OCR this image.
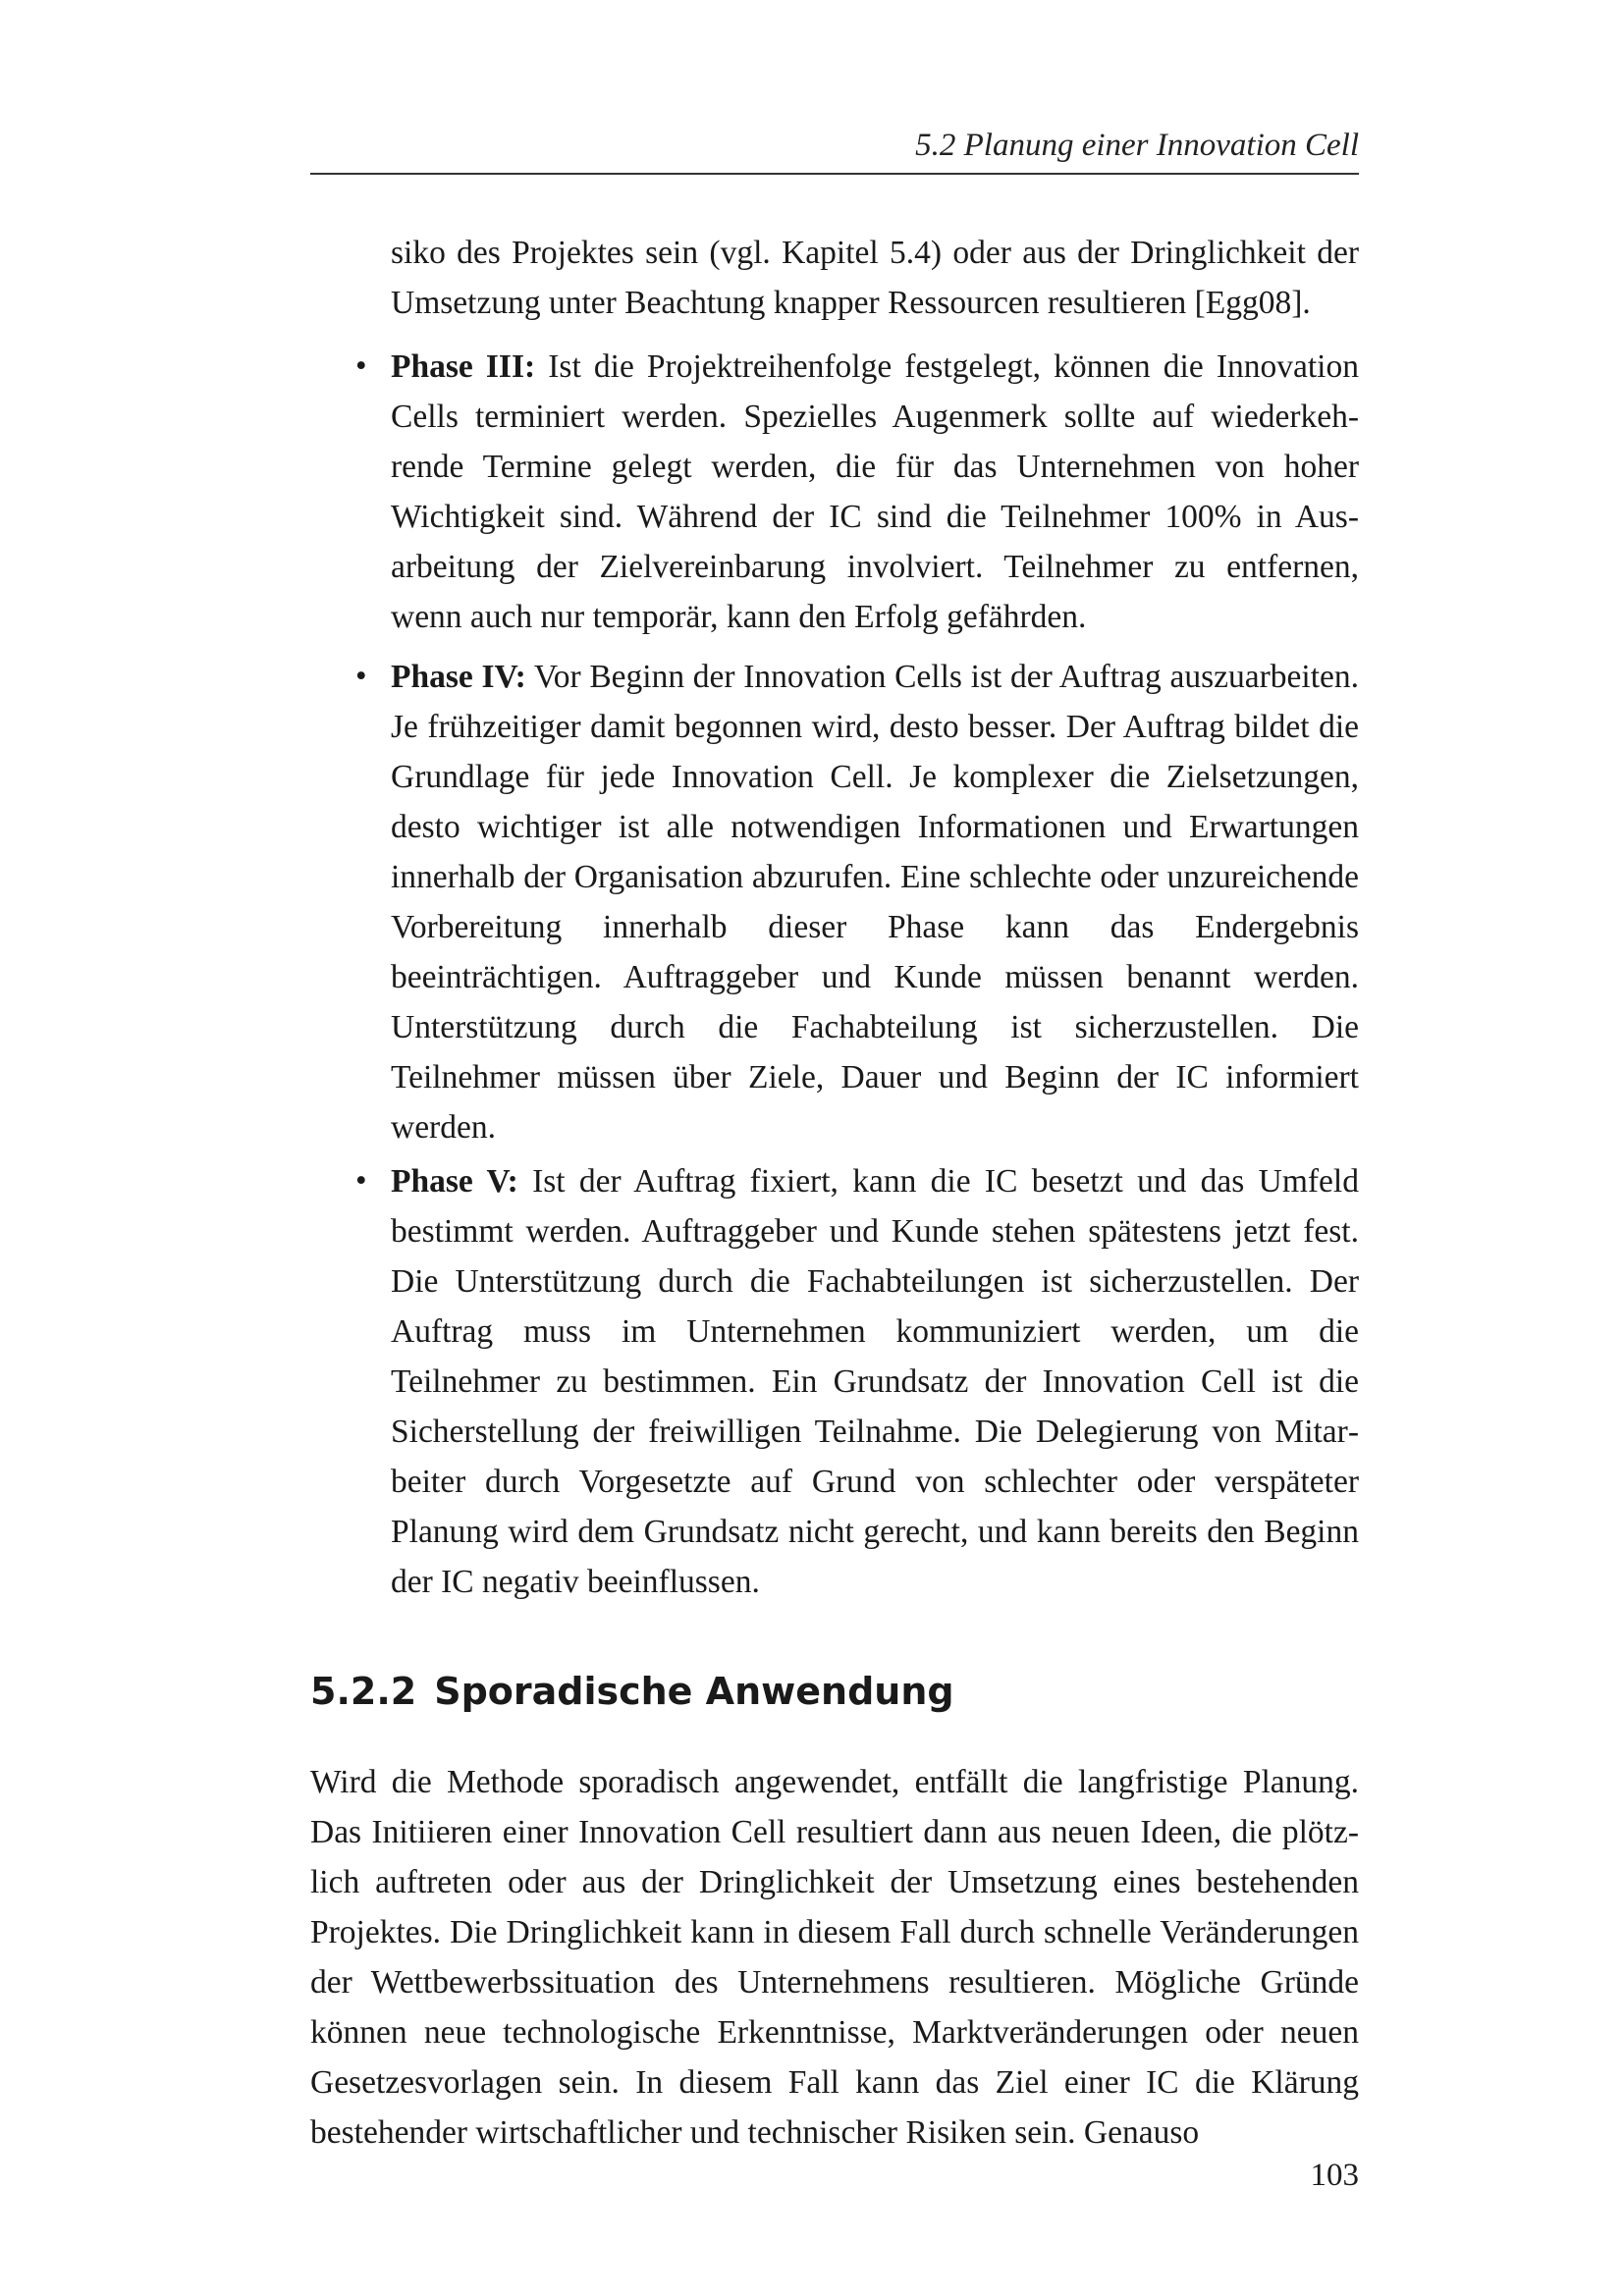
5.2 Planung einer Innovation Cell

siko des Projektes sein (vgl. Kapitel 5.4) oder aus der Dringlichkeit der Umsetzung unter Beachtung knapper Ressourcen resultieren [Egg08].

• Phase III: Ist die Projektreihenfolge festgelegt, können die Innovation Cells terminiert werden. Spezielles Augenmerk sollte auf wiederkehrende Termine gelegt werden, die für das Unternehmen von hoher Wichtigkeit sind. Während der IC sind die Teilnehmer 100% in Ausarbeitung der Zielvereinbarung involviert. Teilnehmer zu entfernen, wenn auch nur temporär, kann den Erfolg gefährden.

• Phase IV: Vor Beginn der Innovation Cells ist der Auftrag auszuarbeiten. Je frühzeitiger damit begonnen wird, desto besser. Der Auftrag bildet die Grundlage für jede Innovation Cell. Je komplexer die Zielsetzungen, desto wichtiger ist alle notwendigen Informationen und Erwartungen innerhalb der Organisation abzurufen. Eine schlechte oder unzureichende Vorbereitung innerhalb dieser Phase kann das Endergebnis beeinträchtigen. Auftraggeber und Kunde müssen benannt werden. Unterstützung durch die Fachabteilung ist sicherzustellen. Die Teilnehmer müssen über Ziele, Dauer und Beginn der IC informiert werden.

• Phase V: Ist der Auftrag fixiert, kann die IC besetzt und das Umfeld bestimmt werden. Auftraggeber und Kunde stehen spätestens jetzt fest. Die Unterstützung durch die Fachabteilungen ist sicherzustellen. Der Auftrag muss im Unternehmen kommuniziert werden, um die Teilnehmer zu bestimmen. Ein Grundsatz der Innovation Cell ist die Sicherstellung der freiwilligen Teilnahme. Die Delegierung von Mitarbeiter durch Vorgesetzte auf Grund von schlechter oder verspäteter Planung wird dem Grundsatz nicht gerecht, und kann bereits den Beginn der IC negativ beeinflussen.

5.2.2 Sporadische Anwendung

Wird die Methode sporadisch angewendet, entfällt die langfristige Planung. Das Initiieren einer Innovation Cell resultiert dann aus neuen Ideen, die plötzlich auftreten oder aus der Dringlichkeit der Umsetzung eines bestehenden Projektes. Die Dringlichkeit kann in diesem Fall durch schnelle Veränderungen der Wettbewerbssituation des Unternehmens resultieren. Mögliche Gründe können neue technologische Erkenntnisse, Marktveränderungen oder neuen Gesetzesvorlagen sein. In diesem Fall kann das Ziel einer IC die Klärung bestehender wirtschaftlicher und technischer Risiken sein. Genauso

103
